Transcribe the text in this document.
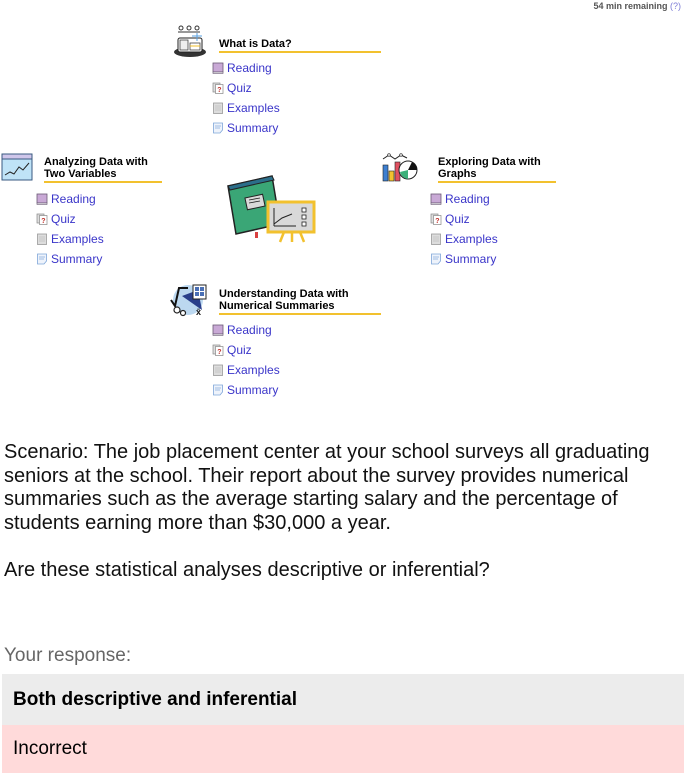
54 min remaining (?)
What is Data?
Reading
Quiz
Examples
Summary
Analyzing Data with
Two Variables
Reading
Quiz
Examples
Summary
Exploring Data with
Graphs
Reading
Quiz
Examples
Summary
x̄
Understanding Data with
Numerical Summaries
Reading
Quiz
Examples
Summary

Scenario: The job placement center at your school surveys all graduating seniors at the school. Their report about the survey provides numerical summaries such as the average starting salary and the percentage of students earning more than $30,000 a year.

Are these statistical analyses descriptive or inferential?

Your response:
Both descriptive and inferential
Incorrect
